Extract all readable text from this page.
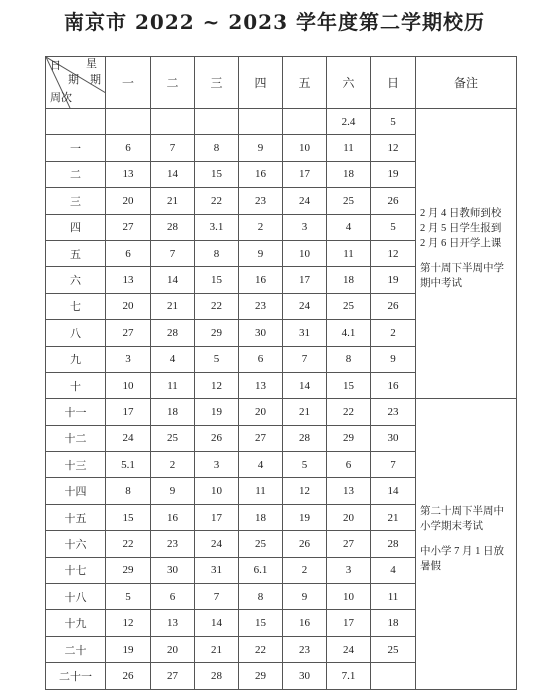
南京市 2022 ~ 2023 学年度第二学期校历
日 星
期 期
周次	一	二	三	四	五	六	日	备注
						2.4	5	2 月 4 日教师到校
2 月 5 日学生报到
2 月 6 日开学上课
第十周下半周中学
期中考试

一	6	7	8	9	10	11	12	
二	13	14	15	16	17	18	19	
三	20	21	22	23	24	25	26	
四	27	28	3.1	2	3	4	5	
五	6	7	8	9	10	11	12	
六	13	14	15	16	17	18	19	
七	20	21	22	23	24	25	26	
八	27	28	29	30	31	4.1	2	
九	3	4	5	6	7	8	9	
十	10	11	12	13	14	15	16	
十一	17	18	19	20	21	22	23	第二十周下半周中
小学期末考试
中小学 7 月 1 日放
暑假

十二	24	25	26	27	28	29	30	
十三	5.1	2	3	4	5	6	7	
十四	8	9	10	11	12	13	14	
十五	15	16	17	18	19	20	21	
十六	22	23	24	25	26	27	28	
十七	29	30	31	6.1	2	3	4	
十八	5	6	7	8	9	10	11	
十九	12	13	14	15	16	17	18	
二十	19	20	21	22	23	24	25	
二十一	26	27	28	29	30	7.1		
